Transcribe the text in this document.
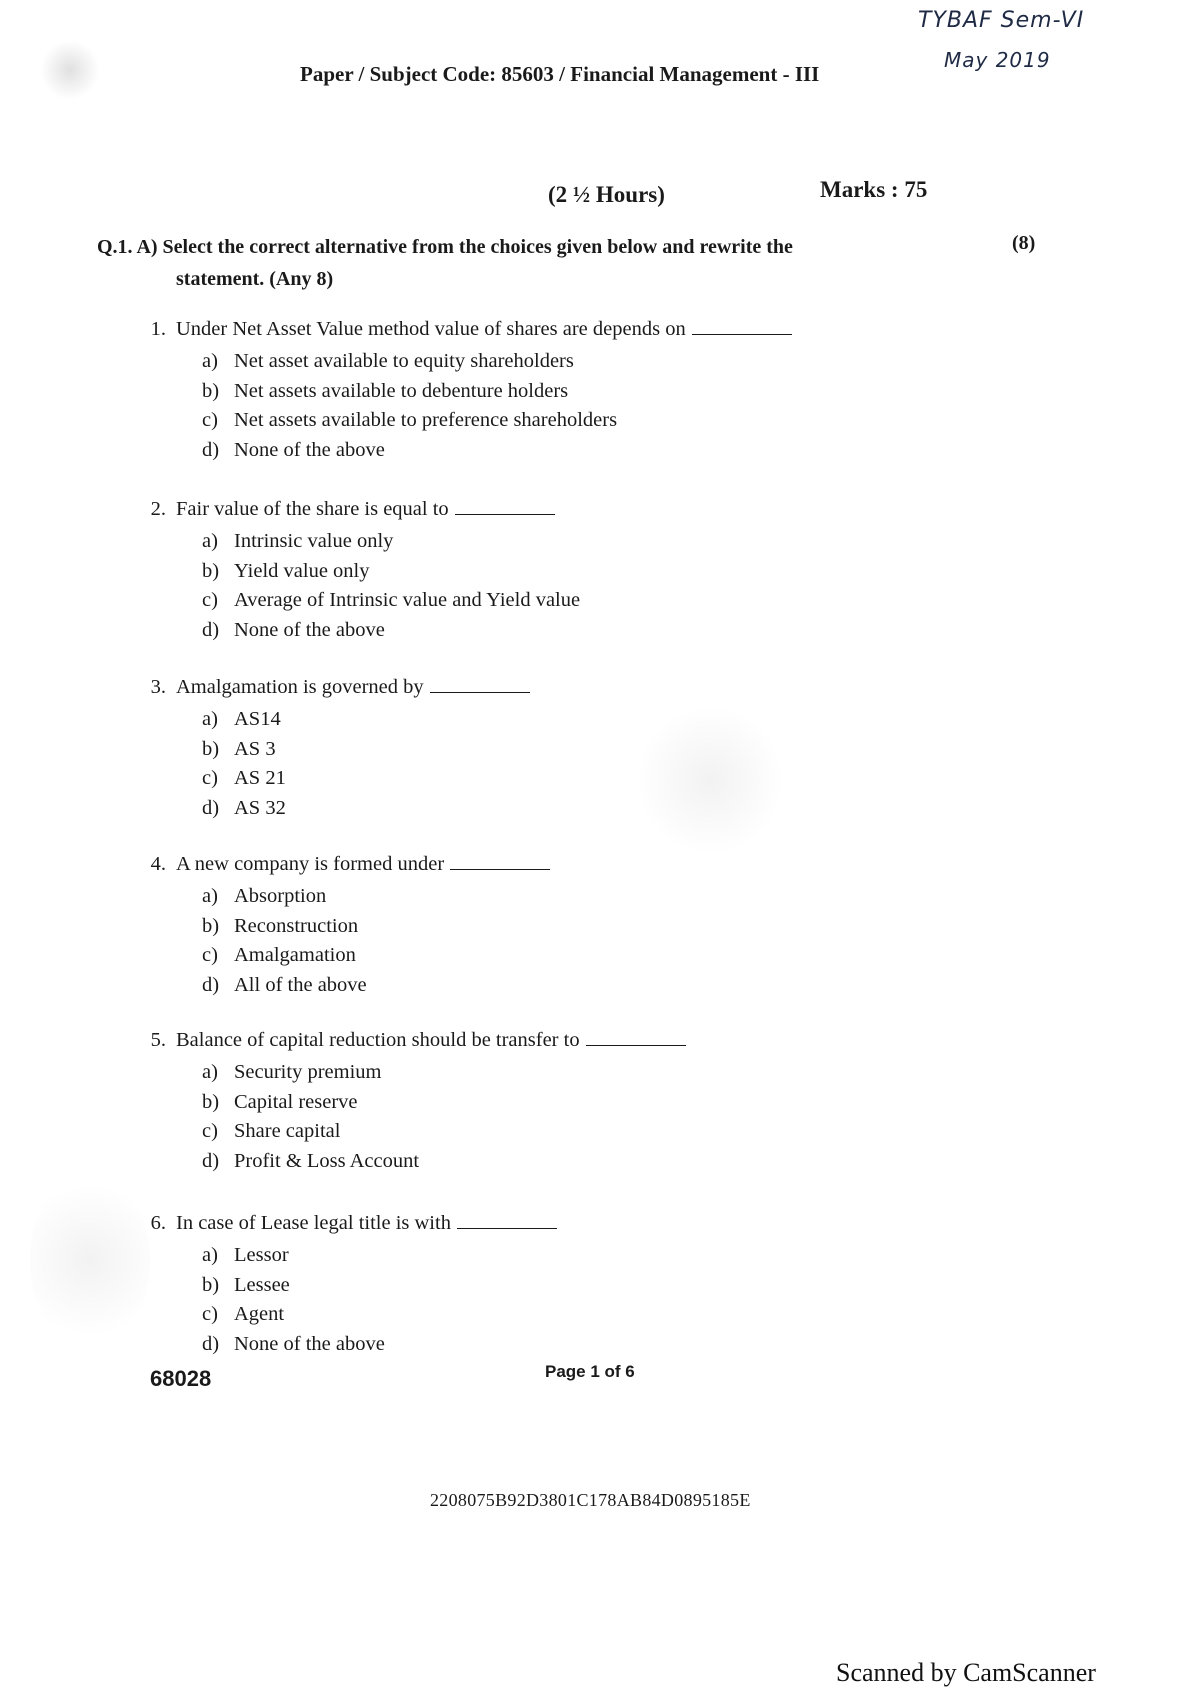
TYBAF Sem-VI
May 2019
Paper / Subject Code: 85603 / Financial Management - III
(2 ½ Hours)	Marks : 75
Q.1. A) Select the correct alternative from the choices given below and rewrite the
statement. (Any 8)
(8)
1. Under Net Asset Value method value of shares are depends on
a) Net asset available to equity shareholders
b) Net assets available to debenture holders
c) Net assets available to preference shareholders
d) None of the above
2. Fair value of the share is equal to
a) Intrinsic value only
b) Yield value only
c) Average of Intrinsic value and Yield value
d) None of the above
3. Amalgamation is governed by
a) AS14
b) AS 3
c) AS 21
d) AS 32
4. A new company is formed under
a) Absorption
b) Reconstruction
c) Amalgamation
d) All of the above
5. Balance of capital reduction should be transfer to
a) Security premium
b) Capital reserve
c) Share capital
d) Profit & Loss Account
6. In case of Lease legal title is with
a) Lessor
b) Lessee
c) Agent
d) None of the above
68028	Page 1 of 6
2208075B92D3801C178AB84D0895185E
Scanned by CamScanner
